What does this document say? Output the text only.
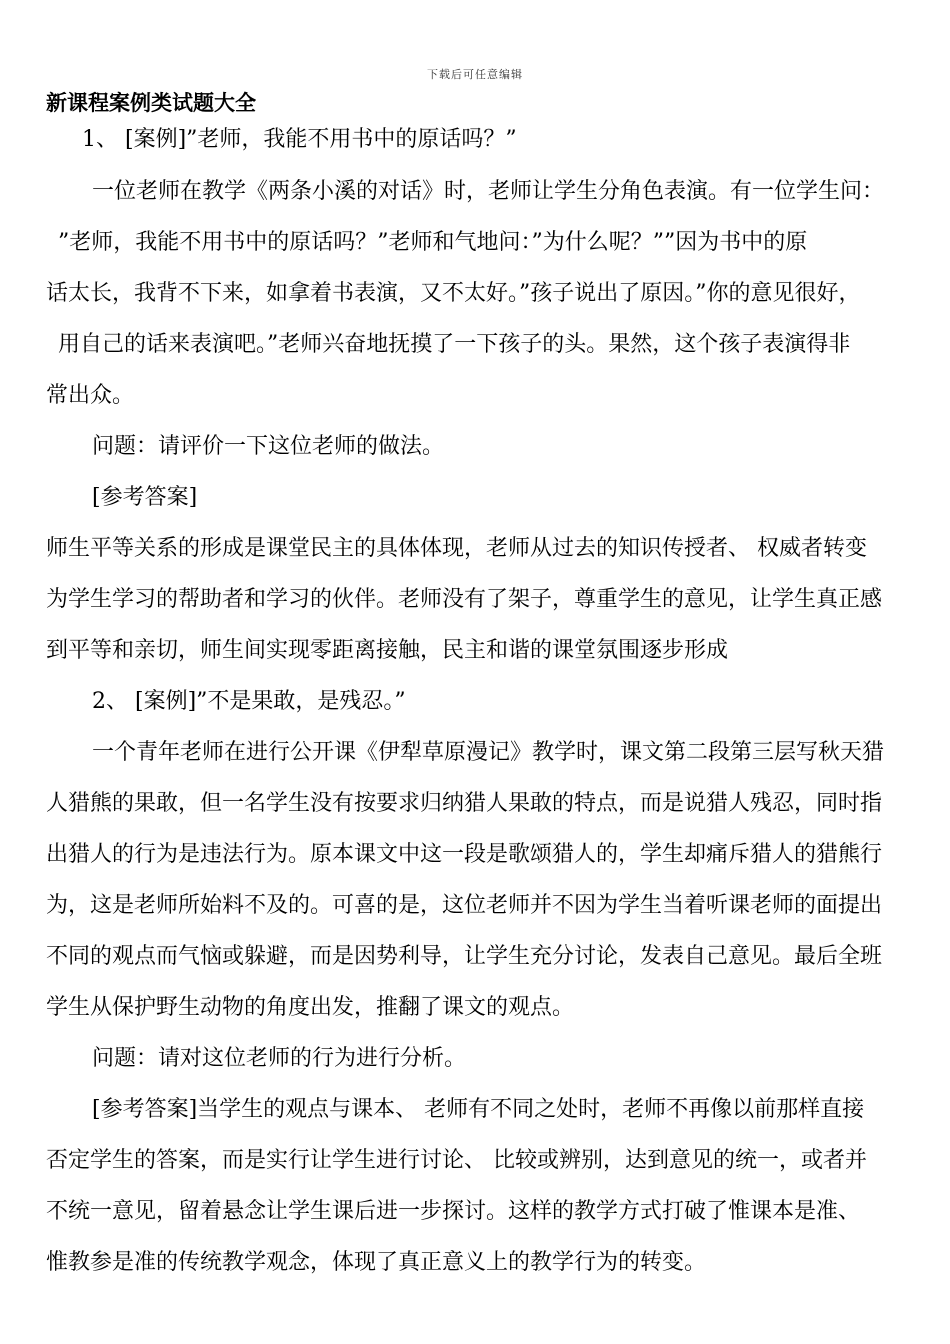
下载后可任意编辑

新课程案例类试题大全

1、 [案例]”老师，我能不用书中的原话吗？”

一位老师在教学《两条小溪的对话》时，老师让学生分角色表演。有一位学生问：

”老师，我能不用书中的原话吗？”老师和气地问：”为什么呢？””因为书中的原

话太长，我背不下来，如拿着书表演，又不太好。”孩子说出了原因。”你的意见很好，

用自己的话来表演吧。”老师兴奋地抚摸了一下孩子的头。果然，这个孩子表演得非

常出众。

问题：请评价一下这位老师的做法。

[参考答案]

师生平等关系的形成是课堂民主的具体体现，老师从过去的知识传授者、 权威者转变

为学生学习的帮助者和学习的伙伴。老师没有了架子，尊重学生的意见，让学生真正感

到平等和亲切，师生间实现零距离接触，民主和谐的课堂氛围逐步形成

2、 [案例]”不是果敢，是残忍。”

一个青年老师在进行公开课《伊犁草原漫记》教学时，课文第二段第三层写秋天猎

人猎熊的果敢，但一名学生没有按要求归纳猎人果敢的特点，而是说猎人残忍，同时指

出猎人的行为是违法行为。原本课文中这一段是歌颂猎人的，学生却痛斥猎人的猎熊行

为，这是老师所始料不及的。可喜的是，这位老师并不因为学生当着听课老师的面提出

不同的观点而气恼或躲避，而是因势利导，让学生充分讨论，发表自己意见。最后全班

学生从保护野生动物的角度出发，推翻了课文的观点。

问题：请对这位老师的行为进行分析。

[参考答案]当学生的观点与课本、 老师有不同之处时，老师不再像以前那样直接

否定学生的答案，而是实行让学生进行讨论、 比较或辨别，达到意见的统一，或者并

不统一意见，留着悬念让学生课后进一步探讨。这样的教学方式打破了惟课本是准、

惟教参是准的传统教学观念，体现了真正意义上的教学行为的转变。
